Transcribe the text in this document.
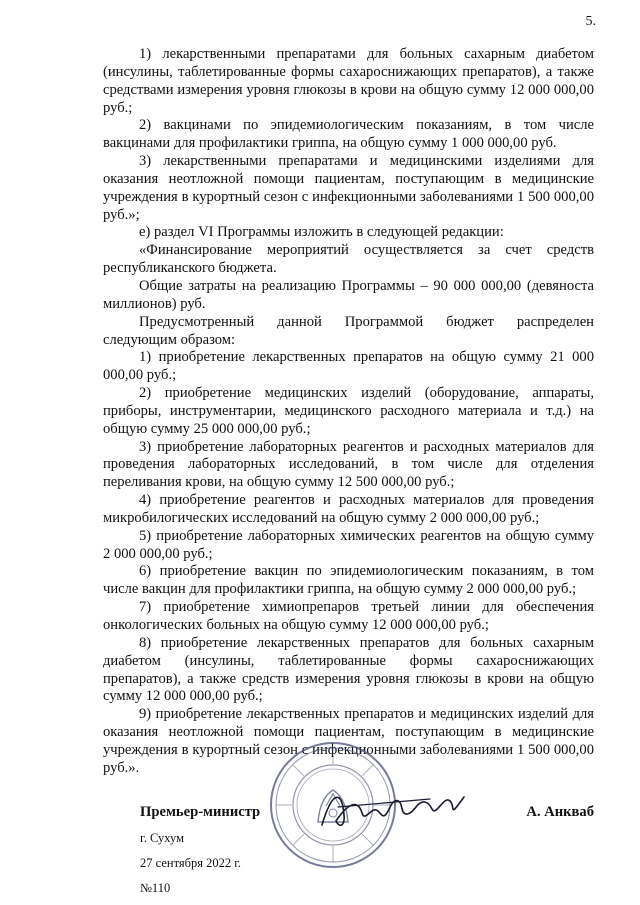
5.

1) лекарственными препаратами для больных сахарным диабетом (инсулины, таблетированные формы сахароснижающих препаратов), а также средствами измерения уровня глюкозы в крови на общую сумму 12 000 000,00 руб.;

2) вакцинами по эпидемиологическим показаниям, в том числе вакцинами для профилактики гриппа, на общую сумму 1 000 000,00 руб.

3) лекарственными препаратами и медицинскими изделиями для оказания неотложной помощи пациентам, поступающим в медицинские учреждения в курортный сезон с инфекционными заболеваниями 1 500 000,00 руб.»;

е) раздел VI Программы изложить в следующей редакции:

«Финансирование мероприятий осуществляется за счет средств республиканского бюджета.

Общие затраты на реализацию Программы – 90 000 000,00 (девяноста миллионов) руб.

Предусмотренный данной Программой бюджет распределен следующим образом:

1) приобретение лекарственных препаратов на общую сумму 21 000 000,00 руб.;

2) приобретение медицинских изделий (оборудование, аппараты, приборы, инструментарии, медицинского расходного материала и т.д.) на общую сумму 25 000 000,00 руб.;

3) приобретение лабораторных реагентов и расходных материалов для проведения лабораторных исследований, в том числе для отделения переливания крови, на общую сумму 12 500 000,00 руб.;

4) приобретение реагентов и расходных материалов для проведения микробилогических исследований на общую сумму 2 000 000,00 руб.;

5) приобретение лабораторных химических реагентов на общую сумму 2 000 000,00 руб.;

6) приобретение вакцин по эпидемиологическим показаниям, в том числе вакцин для профилактики гриппа, на общую сумму 2 000 000,00 руб.;

7) приобретение химиопрепаров третьей линии для обеспечения онкологических больных на общую сумму 12 000 000,00 руб.;

8) приобретение лекарственных препаратов для больных сахарным диабетом (инсулины, таблетированные формы сахароснижающих препаратов), а также средств измерения уровня глюкозы в крови на общую сумму 12 000 000,00 руб.;

9) приобретение лекарственных препаратов и медицинских изделий для оказания неотложной помощи пациентам, поступающим в медицинские учреждения в курортный сезон с инфекционными заболеваниями 1 500 000,00 руб.».

Премьер-министр	А. Анкваб
г. Сухум
27 сентября 2022 г.
№110
